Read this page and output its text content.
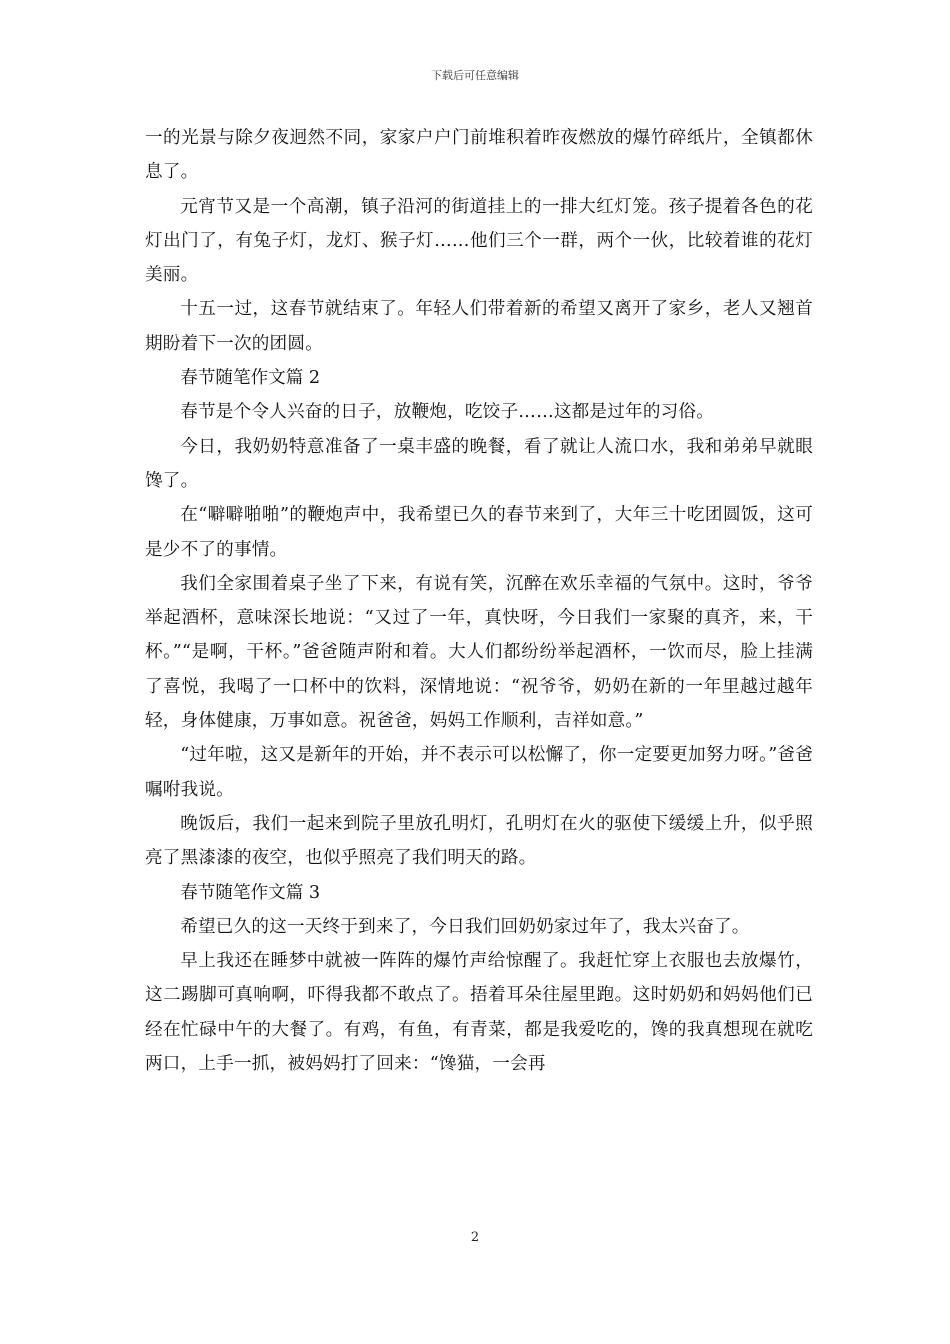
下载后可任意编辑

一的光景与除夕夜迥然不同，家家户户门前堆积着昨夜燃放的爆竹碎纸片，全镇都休息了。

元宵节又是一个高潮，镇子沿河的街道挂上的一排大红灯笼。孩子提着各色的花灯出门了，有兔子灯，龙灯、猴子灯……他们三个一群，两个一伙，比较着谁的花灯美丽。

十五一过，这春节就结束了。年轻人们带着新的希望又离开了家乡，老人又翘首期盼着下一次的团圆。

春节随笔作文篇 2

春节是个令人兴奋的日子，放鞭炮，吃饺子……这都是过年的习俗。

今日，我奶奶特意准备了一桌丰盛的晚餐，看了就让人流口水，我和弟弟早就眼馋了。

在“噼噼啪啪”的鞭炮声中，我希望已久的春节来到了，大年三十吃团圆饭，这可是少不了的事情。

我们全家围着桌子坐了下来，有说有笑，沉醉在欢乐幸福的气氛中。这时，爷爷举起酒杯，意味深长地说：“又过了一年，真快呀，今日我们一家聚的真齐，来，干杯。”“是啊，干杯。”爸爸随声附和着。大人们都纷纷举起酒杯，一饮而尽，脸上挂满了喜悦，我喝了一口杯中的饮料，深情地说：“祝爷爷，奶奶在新的一年里越过越年轻，身体健康，万事如意。祝爸爸，妈妈工作顺利，吉祥如意。”

“过年啦，这又是新年的开始，并不表示可以松懈了，你一定要更加努力呀。”爸爸嘱咐我说。

晚饭后，我们一起来到院子里放孔明灯，孔明灯在火的驱使下缓缓上升，似乎照亮了黑漆漆的夜空，也似乎照亮了我们明天的路。

春节随笔作文篇 3

希望已久的这一天终于到来了，今日我们回奶奶家过年了，我太兴奋了。

早上我还在睡梦中就被一阵阵的爆竹声给惊醒了。我赶忙穿上衣服也去放爆竹，这二踢脚可真响啊，吓得我都不敢点了。捂着耳朵往屋里跑。这时奶奶和妈妈他们已经在忙碌中午的大餐了。有鸡，有鱼，有青菜，都是我爱吃的，馋的我真想现在就吃两口，上手一抓，被妈妈打了回来：“馋猫，一会再

2
